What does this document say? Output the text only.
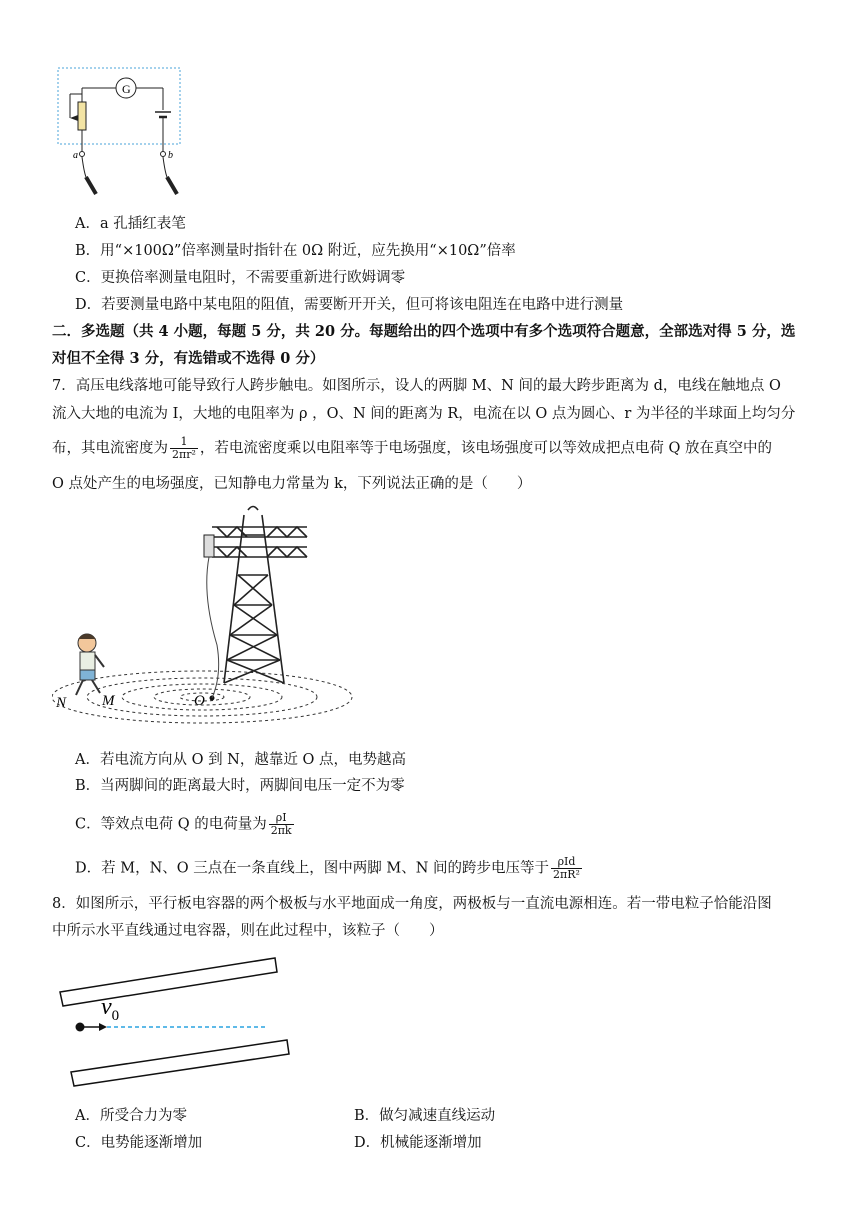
G
a	b
A．a 孔插红表笔
B．用“×100Ω”倍率测量时指针在 0Ω 附近，应先换用“×10Ω”倍率
C．更换倍率测量电阻时，不需要重新进行欧姆调零
D．若要测量电路中某电阻的阻值，需要断开开关，但可将该电阻连在电路中进行测量
二．多选题（共 4 小题，每题 5 分，共 20 分。每题给出的四个选项中有多个选项符合题意，全部选对得 5 分，选
对但不全得 3 分，有选错或不选得 0 分）
7．高压电线落地可能导致行人跨步触电。如图所示，设人的两脚 M、N 间的最大跨步距离为 d，电线在触地点 O
流入大地的电流为 I，大地的电阻率为 ρ ，O、N 间的距离为 R，电流在以 O 点为圆心、r 为半径的半球面上均匀分
布，其电流密度为 $\frac{1}{\text{2πr²}}$ ，若电流密度乘以电阻率等于电场强度，该电场强度可以等效成把点电荷 Q 放在真空中的
O 点处产生的电场强度，已知静电力常量为 k，下列说法正确的是（　　）
N M	O
A．若电流方向从 O 到 N，越靠近 O 点，电势越高
B．当两脚间的距离最大时，两脚间电压一定不为零
C．等效点电荷 Q 的电荷量为 $\frac{\rho I}{2\pi k}$
D．若 M，N、O 三点在一条直线上，图中两脚 M、N 间的跨步电压等于 $\frac{\text{ρId}}{\text{2πR²}}$
8．如图所示，平行板电容器的两个极板与水平地面成一角度，两极板与一直流电源相连。若一带电粒子恰能沿图
中所示水平直线通过电容器，则在此过程中，该粒子（　　）
$v_0$
A．所受合力为零	B．做匀减速直线运动
C．电势能逐渐增加	D．机械能逐渐增加
